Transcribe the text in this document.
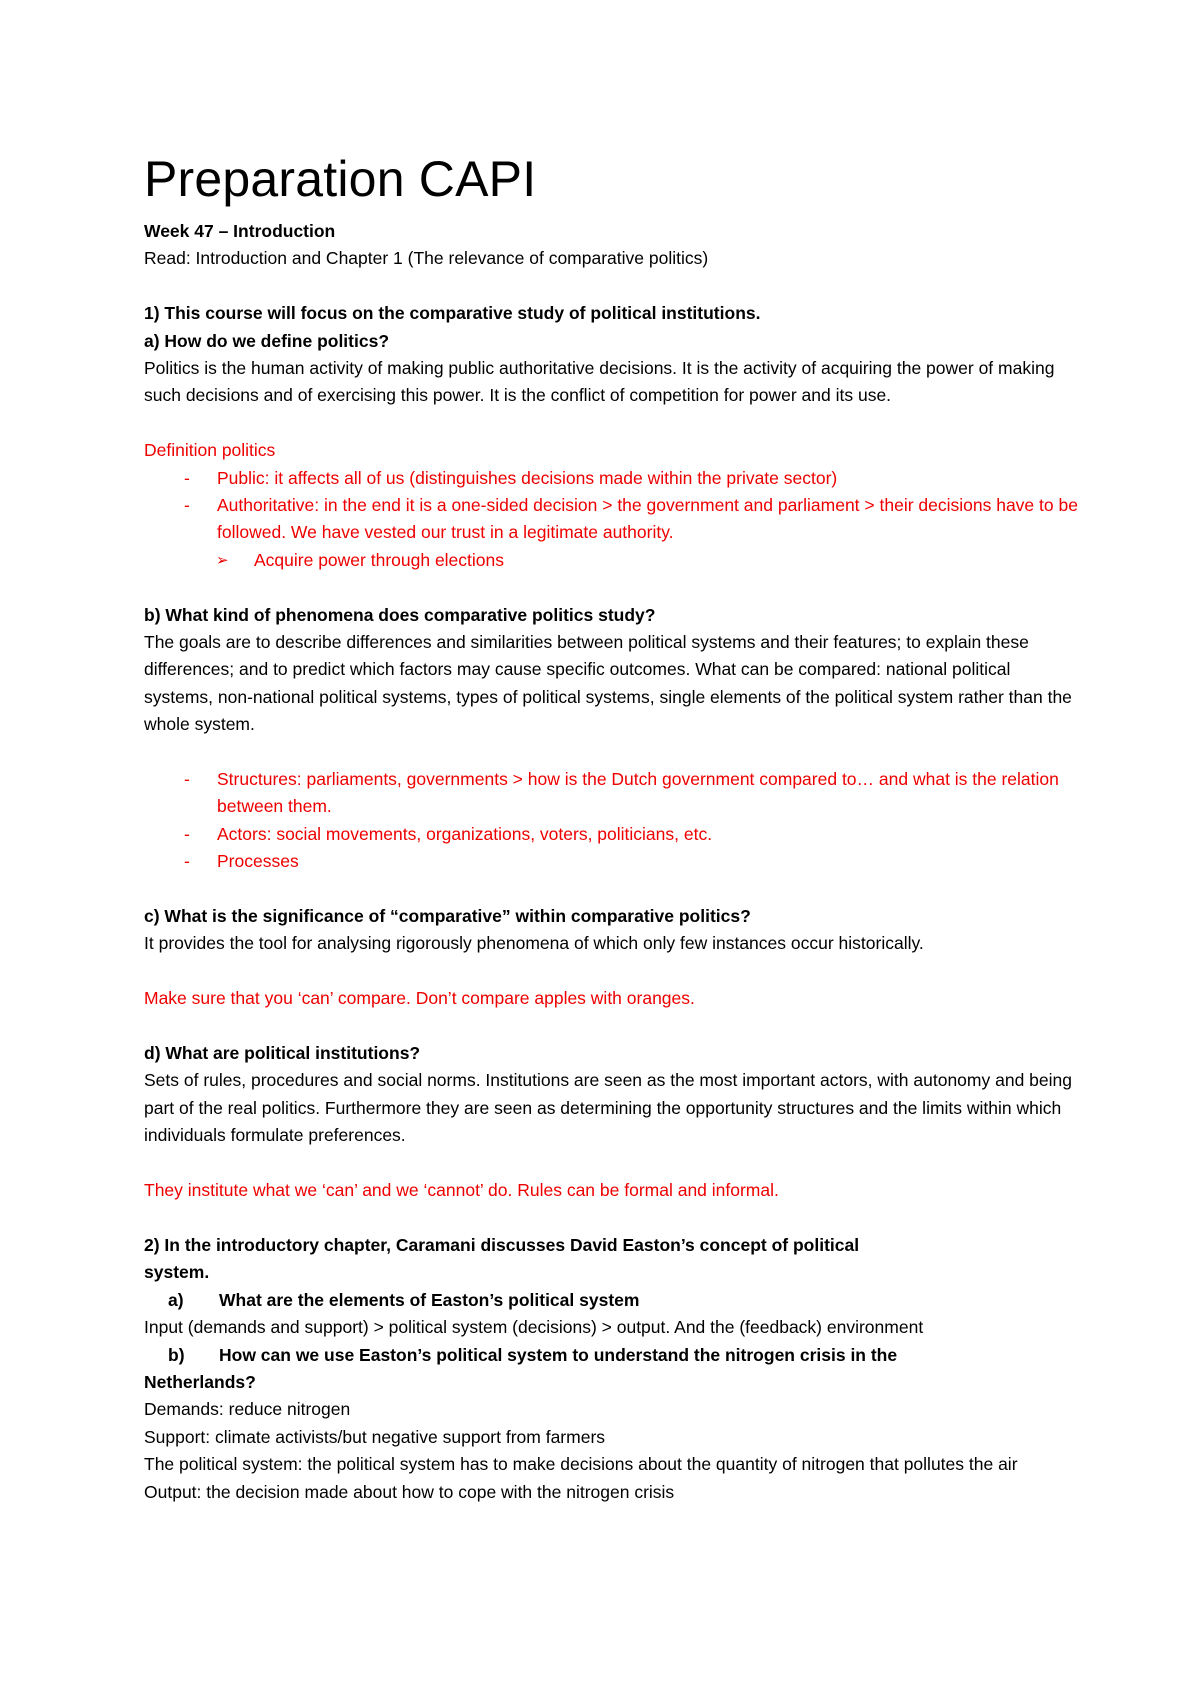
Preparation CAPI

Week 47 – Introduction

Read: Introduction and Chapter 1 (The relevance of comparative politics)

1) This course will focus on the comparative study of political institutions.

a) How do we define politics?

Politics is the human activity of making public authoritative decisions. It is the activity of acquiring the power of making such decisions and of exercising this power. It is the conflict of competition for power and its use.

Definition politics

- Public: it affects all of us (distinguishes decisions made within the private sector)
- Authoritative: in the end it is a one-sided decision > the government and parliament > their decisions have to be followed. We have vested our trust in a legitimate authority.

➢ Acquire power through elections

b) What kind of phenomena does comparative politics study?

The goals are to describe differences and similarities between political systems and their features; to explain these differences; and to predict which factors may cause specific outcomes. What can be compared: national political systems, non-national political systems, types of political systems, single elements of the political system rather than the whole system.

- Structures: parliaments, governments > how is the Dutch government compared to… and what is the relation between them.
- Actors: social movements, organizations, voters, politicians, etc.
- Processes

c) What is the significance of “comparative” within comparative politics?

It provides the tool for analysing rigorously phenomena of which only few instances occur historically.

Make sure that you ‘can’ compare. Don’t compare apples with oranges.

d) What are political institutions?

Sets of rules, procedures and social norms. Institutions are seen as the most important actors, with autonomy and being part of the real politics. Furthermore they are seen as determining the opportunity structures and the limits within which individuals formulate preferences.

They institute what we ‘can’ and we ‘cannot’ do. Rules can be formal and informal.

2) In the introductory chapter, Caramani discusses David Easton’s concept of political

system.

a) What are the elements of Easton’s political system

Input (demands and support) > political system (decisions) > output. And the (feedback) environment

b) How can we use Easton’s political system to understand the nitrogen crisis in the

Netherlands?

Demands: reduce nitrogen

Support: climate activists/but negative support from farmers

The political system: the political system has to make decisions about the quantity of nitrogen that pollutes the air

Output: the decision made about how to cope with the nitrogen crisis
